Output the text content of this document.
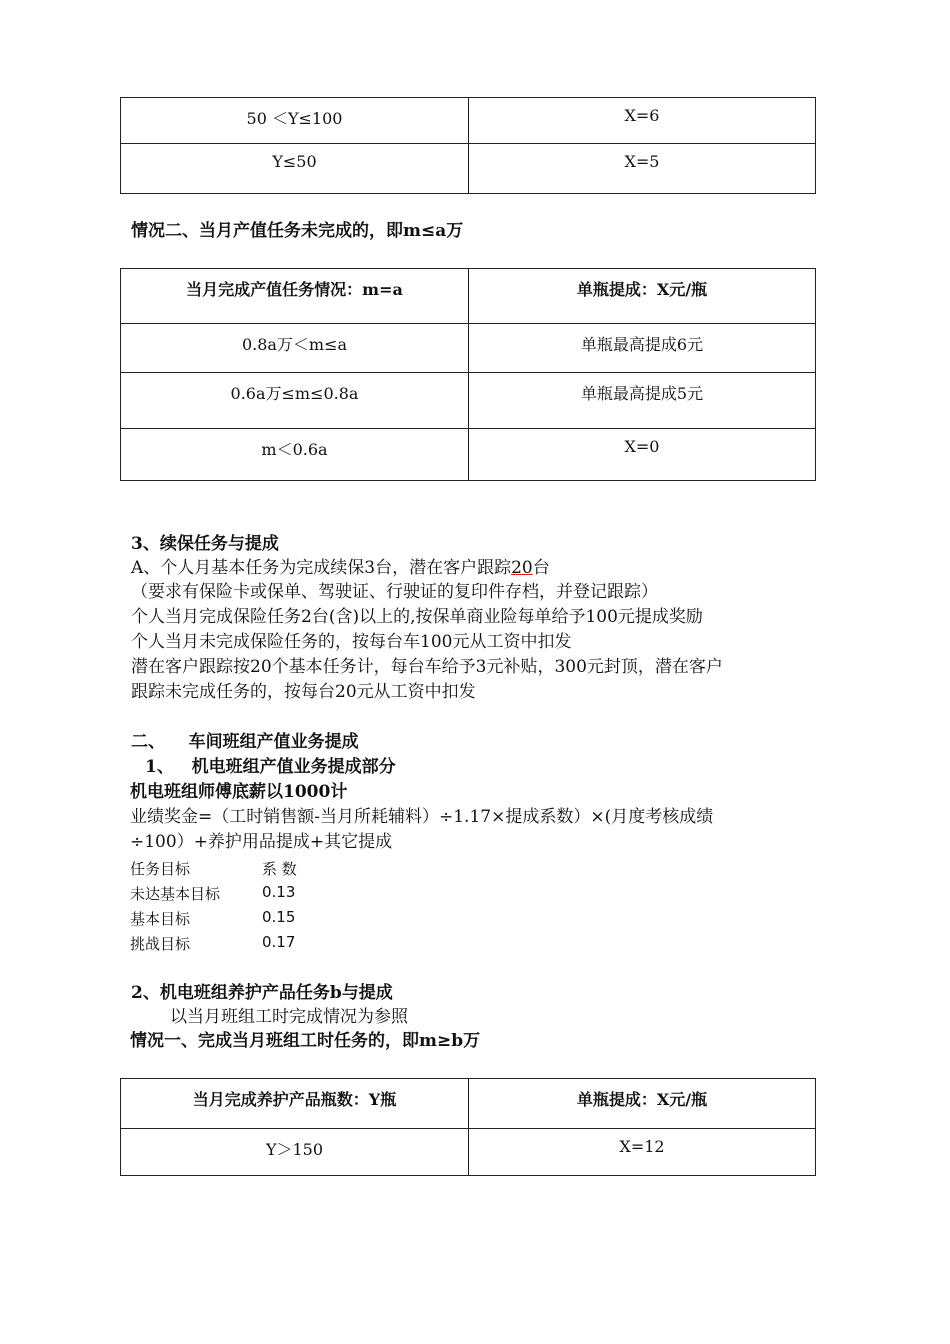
50 ＜Y≤100	X=6
Y≤50	X=5
情况二、当月产值任务未完成的，即m≤a万
当月完成产值任务情况：m=a	单瓶提成：X元/瓶
0.8a万＜m≤a	单瓶最高提成6元
0.6a万≤m≤0.8a	单瓶最高提成5元
m＜0.6a	X=0
3、续保任务与提成
A、个人月基本任务为完成续保3台，潜在客户跟踪20台
（要求有保险卡或保单、驾驶证、行驶证的复印件存档，并登记跟踪）
个人当月完成保险任务2台(含)以上的,按保单商业险每单给予100元提成奖励
个人当月未完成保险任务的，按每台车100元从工资中扣发
潜在客户跟踪按20个基本任务计，每台车给予3元补贴，300元封顶，潜在客户
跟踪未完成任务的，按每台20元从工资中扣发
二、    车间班组产值业务提成
1、   机电班组产值业务提成部分
机电班组师傅底薪以1000计
业绩奖金=（工时销售额-当月所耗辅料）÷1.17×提成系数）×(月度考核成绩
÷100）+养护用品提成+其它提成
任务目标	系 数
未达基本目标	0.13
基本目标	0.15
挑战目标	0.17
2、机电班组养护产品任务b与提成
以当月班组工时完成情况为参照
情况一、完成当月班组工时任务的，即m≥b万
当月完成养护产品瓶数：Y瓶	单瓶提成：X元/瓶
Y＞150	X=12
